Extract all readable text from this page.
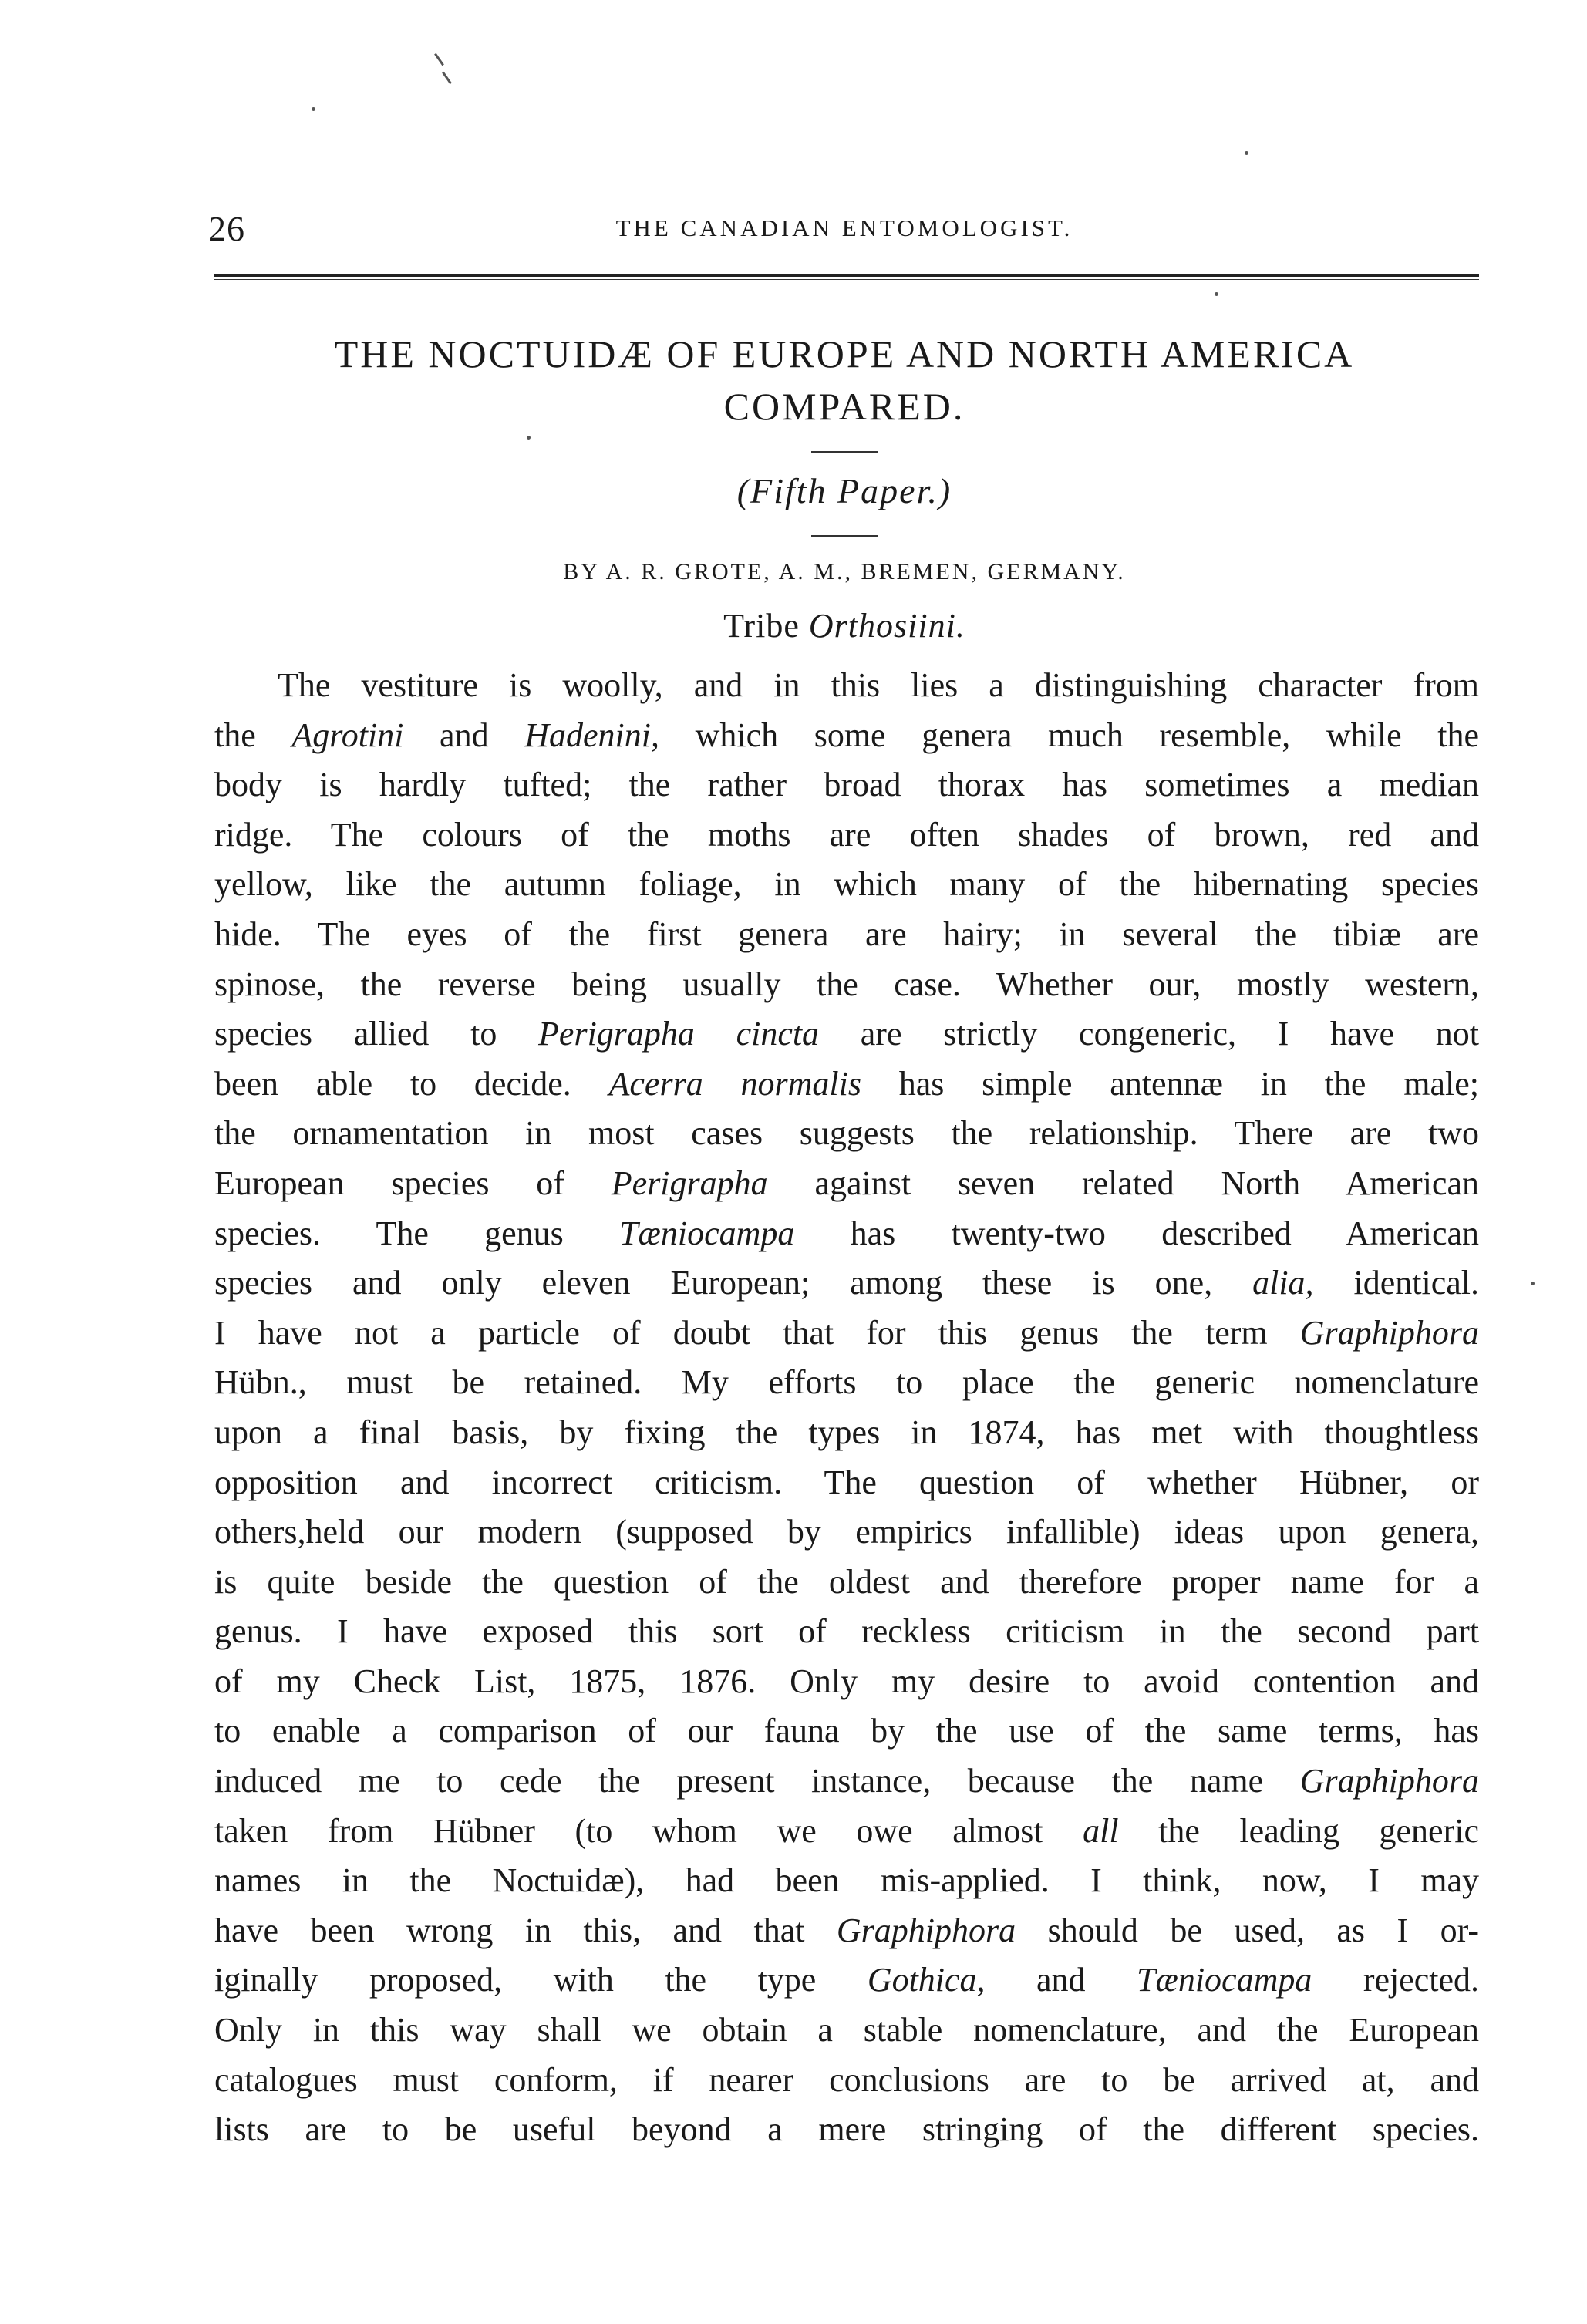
26	THE CANADIAN ENTOMOLOGIST.
THE NOCTUIDÆ OF EUROPE AND NORTH AMERICA
COMPARED.
(Fifth Paper.)
BY A. R. GROTE, A. M., BREMEN, GERMANY.
Tribe Orthosiini.
The vestiture is woolly, and in this lies a distinguishing character from
the Agrotini and Hadenini, which some genera much resemble, while the
body is hardly tufted; the rather broad thorax has sometimes a median
ridge. The colours of the moths are often shades of brown, red and
yellow, like the autumn foliage, in which many of the hibernating species
hide. The eyes of the first genera are hairy; in several the tibiæ are
spinose, the reverse being usually the case. Whether our, mostly western,
species allied to Perigrapha cincta are strictly congeneric, I have not
been able to decide. Acerra normalis has simple antennæ in the male;
the ornamentation in most cases suggests the relationship. There are two
European species of Perigrapha against seven related North American
species. The genus Tæniocampa has twenty-two described American
species and only eleven European; among these is one, alia, identical.
I have not a particle of doubt that for this genus the term Graphiphora
Hübn., must be retained. My efforts to place the generic nomenclature
upon a final basis, by fixing the types in 1874, has met with thoughtless
opposition and incorrect criticism. The question of whether Hübner, or
others,held our modern (supposed by empirics infallible) ideas upon genera,
is quite beside the question of the oldest and therefore proper name for a
genus. I have exposed this sort of reckless criticism in the second part
of my Check List, 1875, 1876. Only my desire to avoid contention and
to enable a comparison of our fauna by the use of the same terms, has
induced me to cede the present instance, because the name Graphiphora
taken from Hübner (to whom we owe almost all the leading generic
names in the Noctuidæ), had been mis-applied. I think, now, I may
have been wrong in this, and that Graphiphora should be used, as I or-
iginally proposed, with the type Gothica, and Tæniocampa rejected.
Only in this way shall we obtain a stable nomenclature, and the European
catalogues must conform, if nearer conclusions are to be arrived at, and
lists are to be useful beyond a mere stringing of the different species.
